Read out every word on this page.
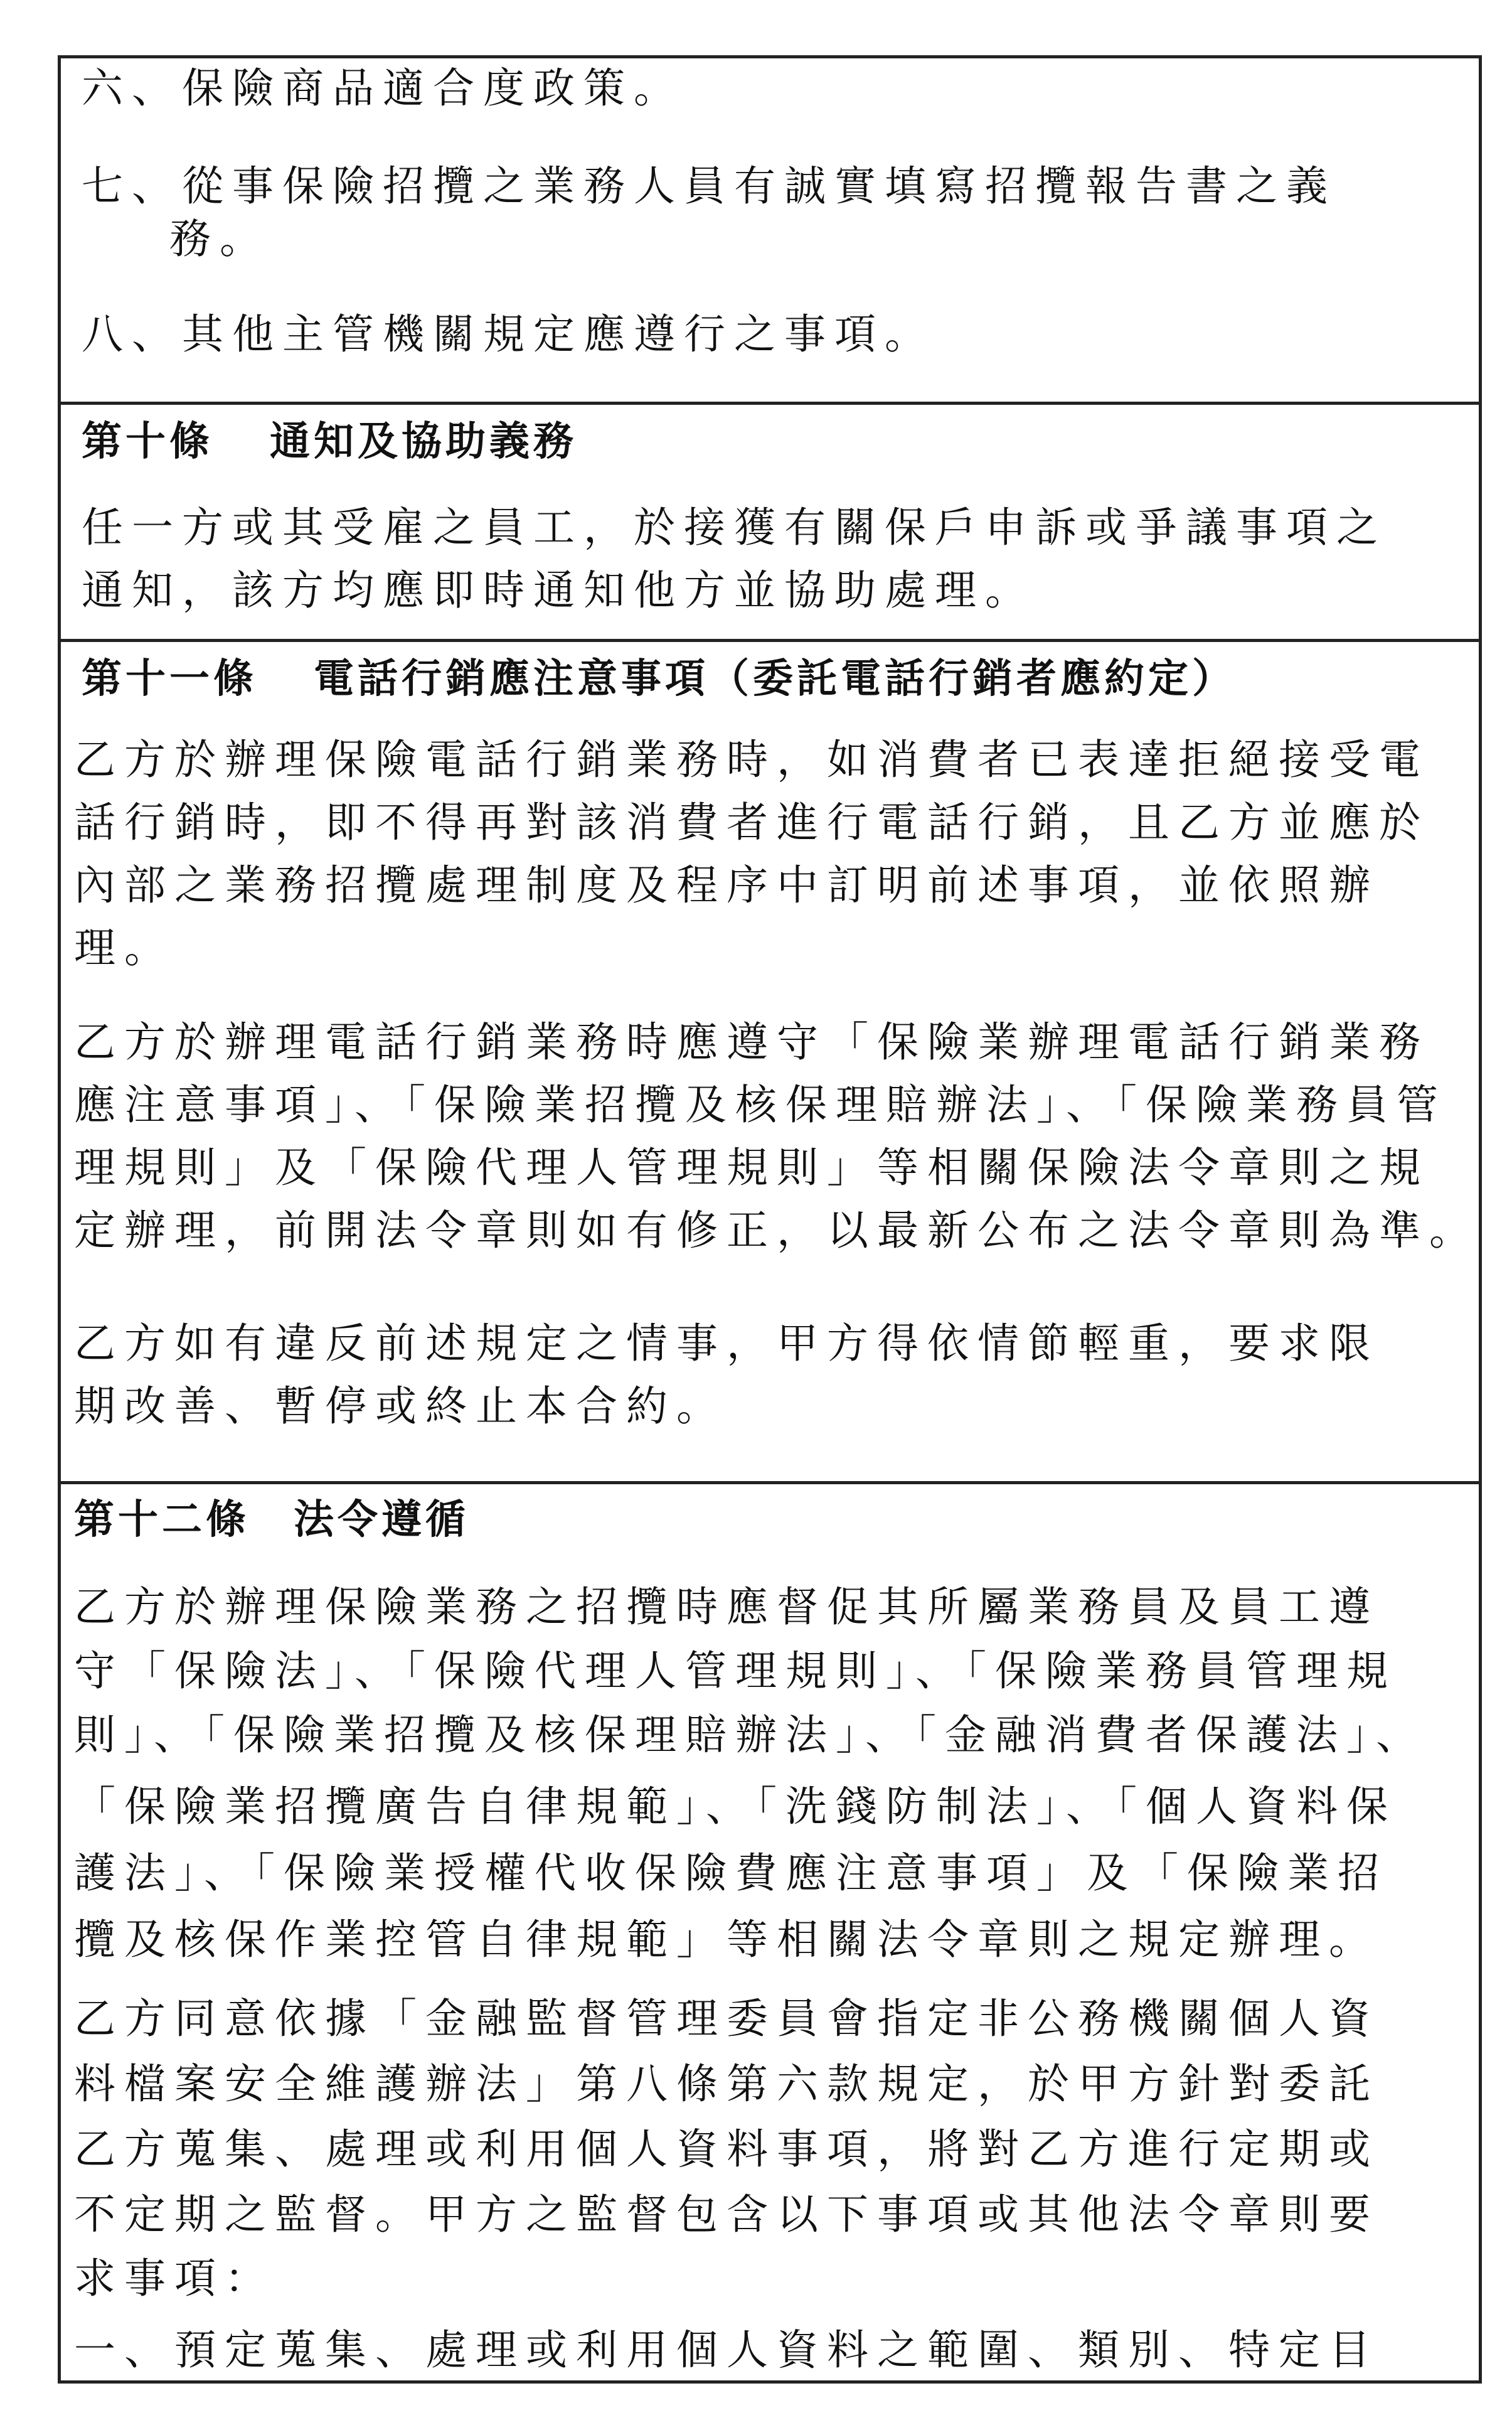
六、保險商品適合度政策。
七、從事保險招攬之業務人員有誠實填寫招攬報告書之義
務。
八、其他主管機關規定應遵行之事項。
第十條 通知及協助義務
任一方或其受雇之員工，於接獲有關保戶申訴或爭議事項之
通知，該方均應即時通知他方並協助處理。
第十一條 電話行銷應注意事項（委託電話行銷者應約定）
乙方於辦理保險電話行銷業務時，如消費者已表達拒絕接受電
話行銷時，即不得再對該消費者進行電話行銷，且乙方並應於
內部之業務招攬處理制度及程序中訂明前述事項，並依照辦
理。
乙方於辦理電話行銷業務時應遵守「保險業辦理電話行銷業務
應注意事項」、「保險業招攬及核保理賠辦法」、「保險業務員管
理規則」及「保險代理人管理規則」等相關保險法令章則之規
定辦理，前開法令章則如有修正，以最新公布之法令章則為準。
乙方如有違反前述規定之情事，甲方得依情節輕重，要求限
期改善、暫停或終止本合約。
第十二條 法令遵循
乙方於辦理保險業務之招攬時應督促其所屬業務員及員工遵
守「保險法」、「保險代理人管理規則」、「保險業務員管理規
則」、「保險業招攬及核保理賠辦法」、「金融消費者保護法」、
「保險業招攬廣告自律規範」、「洗錢防制法」、「個人資料保
護法」、「保險業授權代收保險費應注意事項」及「保險業招
攬及核保作業控管自律規範」等相關法令章則之規定辦理。
乙方同意依據「金融監督管理委員會指定非公務機關個人資
料檔案安全維護辦法」第八條第六款規定，於甲方針對委託
乙方蒐集、處理或利用個人資料事項，將對乙方進行定期或
不定期之監督。甲方之監督包含以下事項或其他法令章則要
求事項：
一、預定蒐集、處理或利用個人資料之範圍、類別、特定目
